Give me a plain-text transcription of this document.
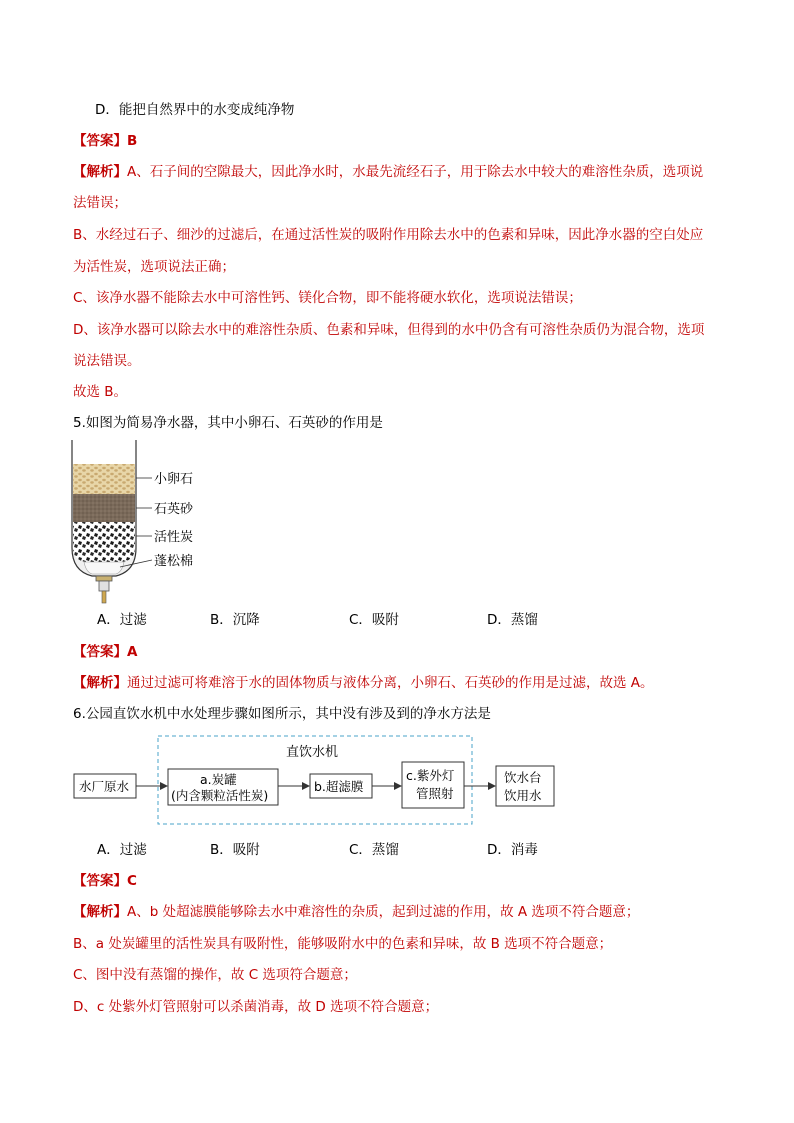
D．能把自然界中的水变成纯净物
【答案】B
【解析】A、石子间的空隙最大，因此净水时，水最先流经石子，用于除去水中较大的难溶性杂质，选项说
法错误；
B、水经过石子、细沙的过滤后，在通过活性炭的吸附作用除去水中的色素和异味，因此净水器的空白处应
为活性炭，选项说法正确；
C、该净水器不能除去水中可溶性钙、镁化合物，即不能将硬水软化，选项说法错误；
D、该净水器可以除去水中的难溶性杂质、色素和异味，但得到的水中仍含有可溶性杂质仍为混合物，选项
说法错误。
故选 B。
5.如图为简易净水器，其中小卵石、石英砂的作用是
小卵石
石英砂
活性炭
蓬松棉
A．过滤	B．沉降	C．吸附	D．蒸馏
【答案】A
【解析】通过过滤可将难溶于水的固体物质与液体分离，小卵石、石英砂的作用是过滤，故选 A。
6.公园直饮水机中水处理步骤如图所示，其中没有涉及到的净水方法是
直饮水机
水厂原水	a.炭罐
(内含颗粒活性炭)
b.超滤膜
c.紫外灯
管照射
饮水台
饮用水
A．过滤	B．吸附	C．蒸馏	D．消毒
【答案】C
【解析】A、b 处超滤膜能够除去水中难溶性的杂质，起到过滤的作用，故 A 选项不符合题意；
B、a 处炭罐里的活性炭具有吸附性，能够吸附水中的色素和异味，故 B 选项不符合题意；
C、图中没有蒸馏的操作，故 C 选项符合题意；
D、c 处紫外灯管照射可以杀菌消毒，故 D 选项不符合题意；
